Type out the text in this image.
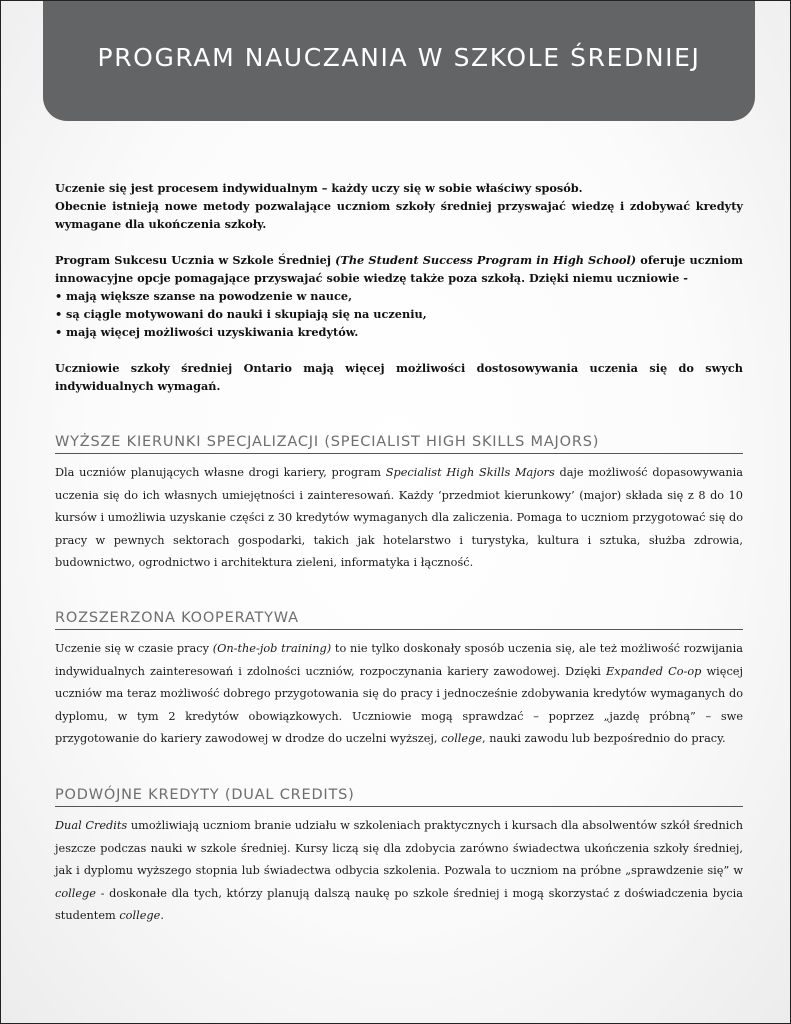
PROGRAM NAUCZANIA W SZKOLE ŚREDNIEJ

Uczenie się jest procesem indywidualnym – każdy uczy się w sobie właściwy sposób.

Obecnie istnieją nowe metody pozwalające uczniom szkoły średniej przyswajać wiedzę i zdobywać kredyty wymagane dla ukończenia szkoły.

Program Sukcesu Ucznia w Szkole Średniej (The Student Success Program in High School) oferuje uczniom innowacyjne opcje pomagające przyswajać sobie wiedzę także poza szkołą. Dzięki niemu uczniowie -

• mają większe szanse na powodzenie w nauce,
• są ciągle motywowani do nauki i skupiają się na uczeniu,
• mają więcej możliwości uzyskiwania kredytów.

Uczniowie szkoły średniej Ontario mają więcej możliwości dostosowywania uczenia się do swych indywidualnych wymagań.

WYŻSZE KIERUNKI SPECJALIZACJI (SPECIALIST HIGH SKILLS MAJORS)

Dla uczniów planujących własne drogi kariery, program Specialist High Skills Majors daje możliwość dopasowywania uczenia się do ich własnych umiejętności i zainteresowań. Każdy ‘przedmiot kierunkowy’ (major) składa się z 8 do 10 kursów i umożliwia uzyskanie części z 30 kredytów wymaganych dla zaliczenia. Pomaga to uczniom przygotować się do pracy w pewnych sektorach gospodarki, takich jak hotelarstwo i turystyka, kultura i sztuka, służba zdrowia, budownictwo, ogrodnictwo i architektura zieleni, informatyka i łączność.

ROZSZERZONA KOOPERATYWA

Uczenie się w czasie pracy (On-the-job training) to nie tylko doskonały sposób uczenia się, ale też możliwość rozwijania indywidualnych zainteresowań i zdolności uczniów, rozpoczynania kariery zawodowej. Dzięki Expanded Co-op więcej uczniów ma teraz możliwość dobrego przygotowania się do pracy i jednocześnie zdobywania kredytów wymaganych do dyplomu, w tym 2 kredytów obowiązkowych. Uczniowie mogą sprawdzać – poprzez „jazdę próbną” – swe przygotowanie do kariery zawodowej w drodze do uczelni wyższej, college, nauki zawodu lub bezpośrednio do pracy.

PODWÓJNE KREDYTY (DUAL CREDITS)

Dual Credits umożliwiają uczniom branie udziału w szkoleniach praktycznych i kursach dla absolwentów szkół średnich jeszcze podczas nauki w szkole średniej. Kursy liczą się dla zdobycia zarówno świadectwa ukończenia szkoły średniej, jak i dyplomu wyższego stopnia lub świadectwa odbycia szkolenia. Pozwala to uczniom na próbne „sprawdzenie się” w college - doskonałe dla tych, którzy planują dalszą naukę po szkole średniej i mogą skorzystać z doświadczenia bycia studentem college.
